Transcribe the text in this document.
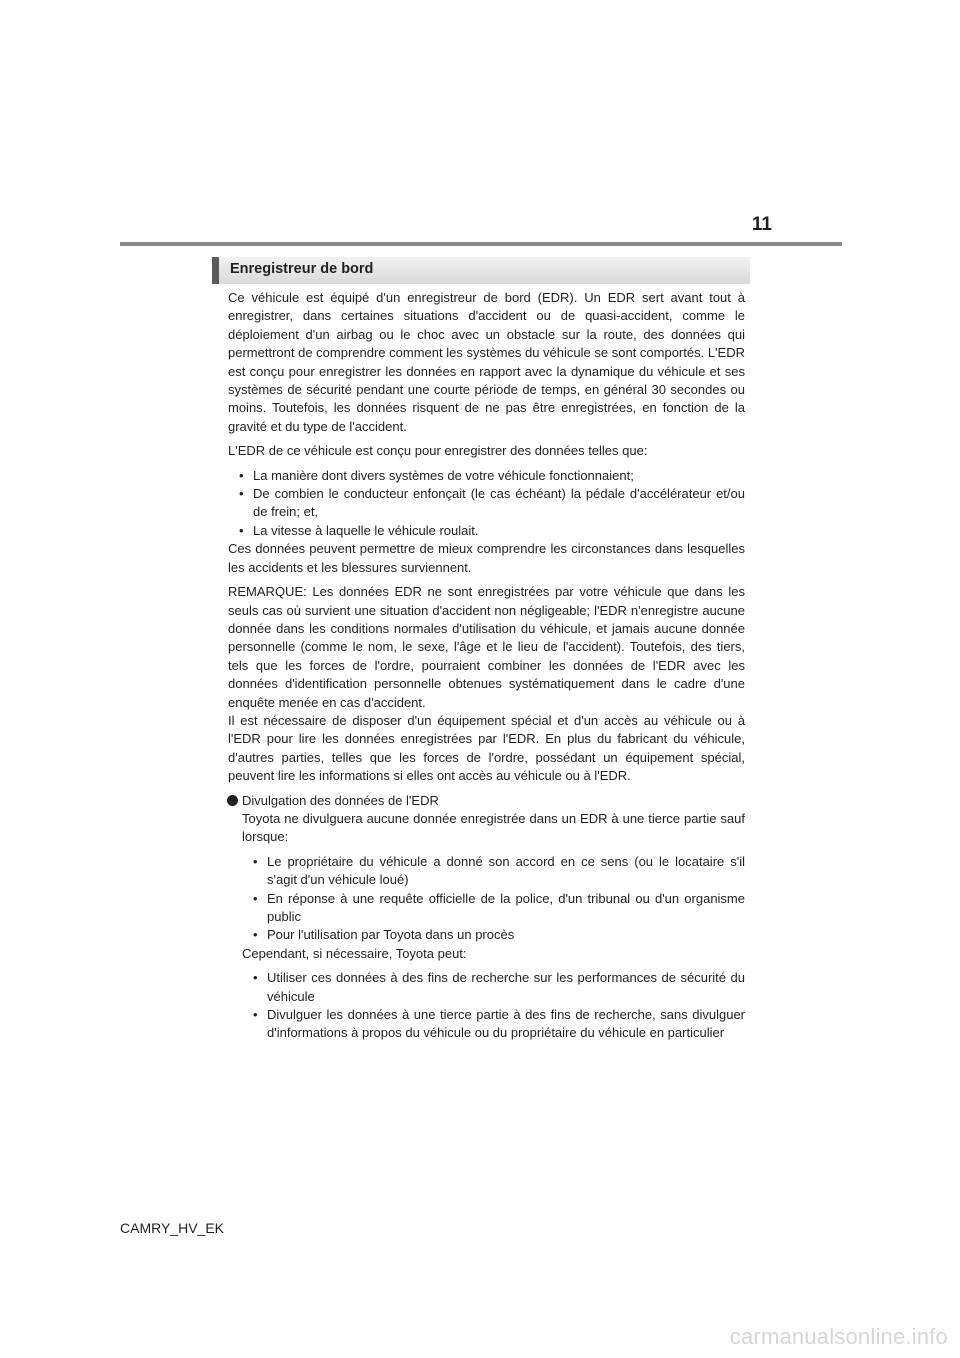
11
Enregistreur de bord

Ce véhicule est équipé d'un enregistreur de bord (EDR). Un EDR sert avant tout à enregistrer, dans certaines situations d'accident ou de quasi-accident, comme le déploiement d'un airbag ou le choc avec un obstacle sur la route, des données qui permettront de comprendre comment les systèmes du véhicule se sont comportés. L'EDR est conçu pour enregistrer les données en rapport avec la dynamique du véhicule et ses systèmes de sécurité pendant une courte période de temps, en général 30 secondes ou moins. Toutefois, les données risquent de ne pas être enregistrées, en fonction de la gravité et du type de l'accident.

L'EDR de ce véhicule est conçu pour enregistrer des données telles que:

• La manière dont divers systèmes de votre véhicule fonctionnaient;
• De combien le conducteur enfonçait (le cas échéant) la pédale d'accélérateur et/ou de frein; et,
• La vitesse à laquelle le véhicule roulait.

Ces données peuvent permettre de mieux comprendre les circonstances dans lesquelles les accidents et les blessures surviennent.

REMARQUE: Les données EDR ne sont enregistrées par votre véhicule que dans les seuls cas où survient une situation d'accident non négligeable; l'EDR n'enregistre aucune donnée dans les conditions normales d'utilisation du véhicule, et jamais aucune donnée personnelle (comme le nom, le sexe, l'âge et le lieu de l'accident). Toutefois, des tiers, tels que les forces de l'ordre, pourraient combiner les données de l'EDR avec les données d'identification personnelle obtenues systématiquement dans le cadre d'une enquête menée en cas d'accident.

Il est nécessaire de disposer d'un équipement spécial et d'un accès au véhicule ou à l'EDR pour lire les données enregistrées par l'EDR. En plus du fabricant du véhicule, d'autres parties, telles que les forces de l'ordre, possédant un équipement spécial, peuvent lire les informations si elles ont accès au véhicule ou à l'EDR.

Divulgation des données de l'EDR

Toyota ne divulguera aucune donnée enregistrée dans un EDR à une tierce partie sauf lorsque:

• Le propriétaire du véhicule a donné son accord en ce sens (ou le locataire s'il s'agit d'un véhicule loué)
• En réponse à une requête officielle de la police, d'un tribunal ou d'un organisme public
• Pour l'utilisation par Toyota dans un procès

Cependant, si nécessaire, Toyota peut:

• Utiliser ces données à des fins de recherche sur les performances de sécurité du véhicule
• Divulguer les données à une tierce partie à des fins de recherche, sans divulguer d'informations à propos du véhicule ou du propriétaire du véhicule en particulier
CAMRY_HV_EK
carmanualsonline.info
